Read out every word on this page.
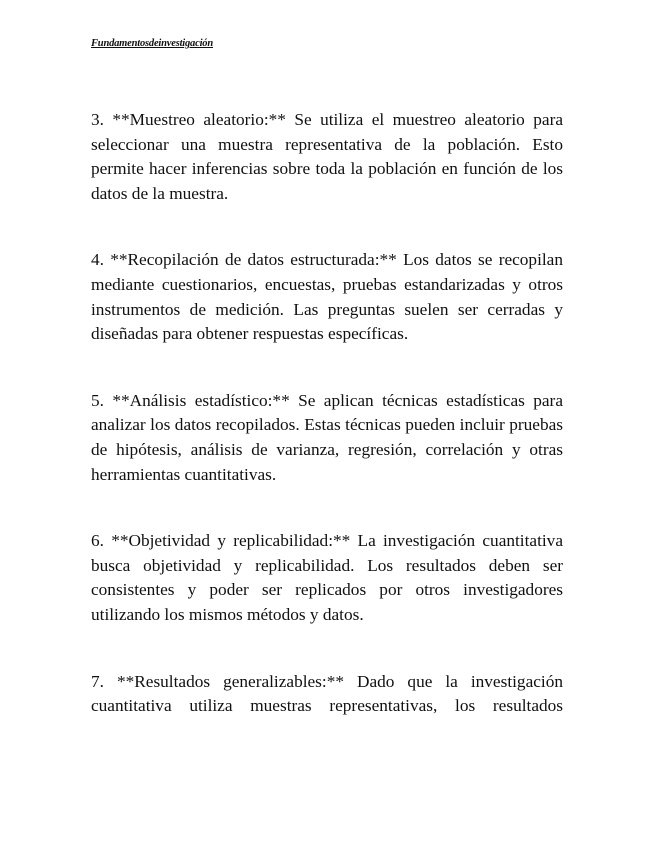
Fundamentosdeinvestigación

3. **Muestreo aleatorio:** Se utiliza el muestreo aleatorio para seleccionar una muestra representativa de la población. Esto permite hacer inferencias sobre toda la población en función de los datos de la muestra.

4. **Recopilación de datos estructurada:** Los datos se recopilan mediante cuestionarios, encuestas, pruebas estandarizadas y otros instrumentos de medición. Las preguntas suelen ser cerradas y diseñadas para obtener respuestas específicas.

5. **Análisis estadístico:** Se aplican técnicas estadísticas para analizar los datos recopilados. Estas técnicas pueden incluir pruebas de hipótesis, análisis de varianza, regresión, correlación y otras herramientas cuantitativas.

6. **Objetividad y replicabilidad:** La investigación cuantitativa busca objetividad y replicabilidad. Los resultados deben ser consistentes y poder ser replicados por otros investigadores utilizando los mismos métodos y datos.

7. **Resultados generalizables:** Dado que la investigación cuantitativa utiliza muestras representativas, los resultados
